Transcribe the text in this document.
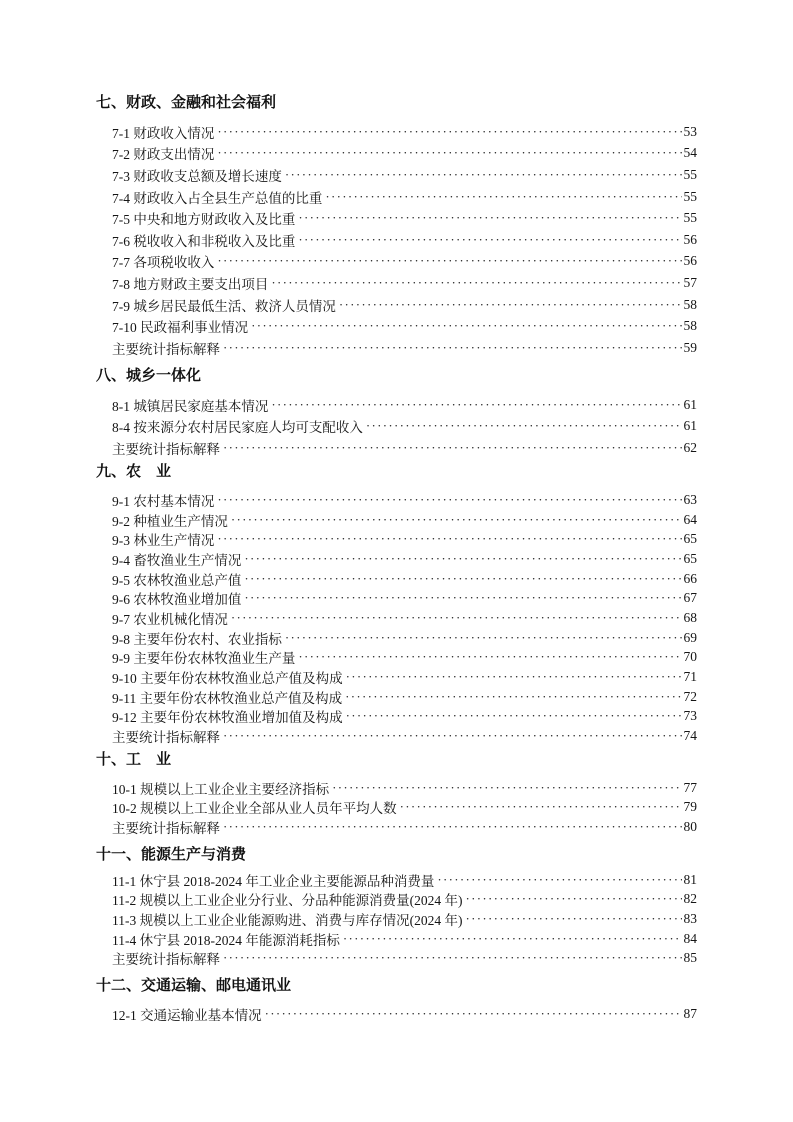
七、财政、金融和社会福利
7-1 财政收入情况 ·····	53
7-2 财政支出情况 ·····	54
7-3 财政收支总额及增长速度 ·····	55
7-4 财政收入占全县生产总值的比重 ·····	55
7-5 中央和地方财政收入及比重 ·····	55
7-6 税收收入和非税收入及比重 ·····	56
7-7 各项税收收入 ·····	56
7-8 地方财政主要支出项目 ·····	57
7-9 城乡居民最低生活、救济人员情况 ·····	58
7-10 民政福利事业情况 ·····	58
主要统计指标解释 ·····	59
八、城乡一体化
8-1 城镇居民家庭基本情况 ·····	61
8-4 按来源分农村居民家庭人均可支配收入 ·····	61
主要统计指标解释 ·····	62
九、农　业
9-1 农村基本情况 ·····	63
9-2 种植业生产情况 ·····	64
9-3 林业生产情况 ·····	65
9-4 畜牧渔业生产情况 ·····	65
9-5 农林牧渔业总产值 ·····	66
9-6 农林牧渔业增加值 ·····	67
9-7 农业机械化情况 ·····	68
9-8 主要年份农村、农业指标 ·····	69
9-9 主要年份农林牧渔业生产量 ·····	70
9-10 主要年份农林牧渔业总产值及构成 ·····	71
9-11 主要年份农林牧渔业总产值及构成 ·····	72
9-12 主要年份农林牧渔业增加值及构成 ·····	73
主要统计指标解释 ·····	74
十、工　业
10-1 规模以上工业企业主要经济指标 ·····	77
10-2 规模以上工业企业全部从业人员年平均人数 ·····	79
主要统计指标解释 ·····	80
十一、能源生产与消费
11-1 休宁县 2018-2024 年工业企业主要能源品种消费量 ·····	81
11-2 规模以上工业企业分行业、分品种能源消费量(2024 年) ·····	82
11-3 规模以上工业企业能源购进、消费与库存情况(2024 年) ·····	83
11-4 休宁县 2018-2024 年能源消耗指标 ·····	84
主要统计指标解释 ·····	85
十二、交通运输、邮电通讯业
12-1 交通运输业基本情况 ·····	87
